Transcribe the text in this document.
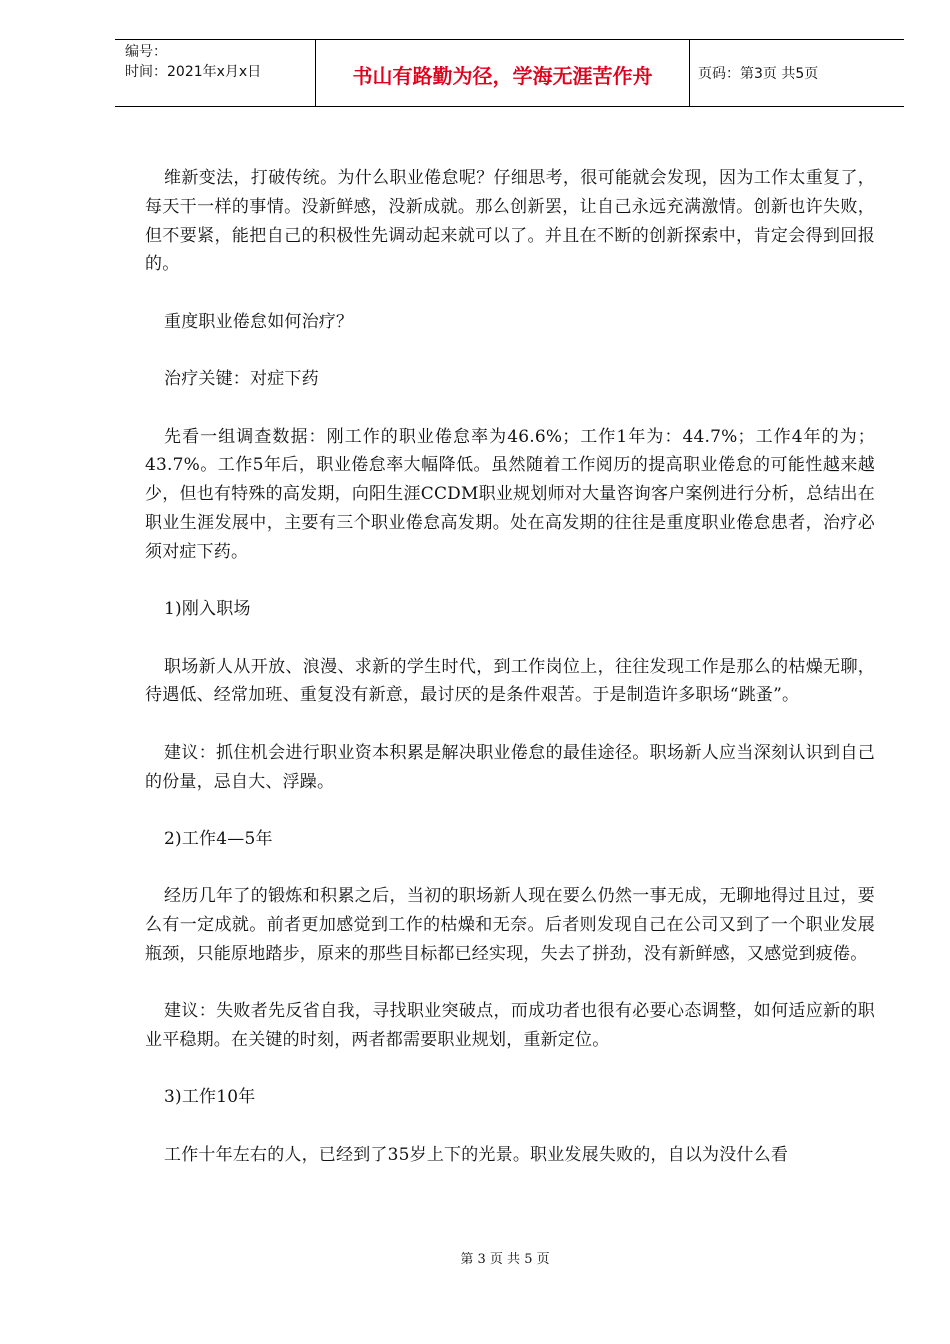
编号：
时间：2021年x月x日	书山有路勤为径，学海无涯苦作舟	页码：第3页 共5页

维新变法，打破传统。为什么职业倦怠呢？仔细思考，很可能就会发现，因为工作太重复了，每天干一样的事情。没新鲜感，没新成就。那么创新罢，让自己永远充满激情。创新也许失败，但不要紧，能把自己的积极性先调动起来就可以了。并且在不断的创新探索中，肯定会得到回报的。

重度职业倦怠如何治疗？

治疗关键：对症下药

先看一组调查数据：刚工作的职业倦怠率为46.6%；工作1年为：44.7%；工作4年的为；43.7%。工作5年后，职业倦怠率大幅降低。虽然随着工作阅历的提高职业倦怠的可能性越来越少，但也有特殊的高发期，向阳生涯CCDM职业规划师对大量咨询客户案例进行分析，总结出在职业生涯发展中，主要有三个职业倦怠高发期。处在高发期的往往是重度职业倦怠患者，治疗必须对症下药。

1)刚入职场

职场新人从开放、浪漫、求新的学生时代，到工作岗位上，往往发现工作是那么的枯燥无聊，待遇低、经常加班、重复没有新意，最讨厌的是条件艰苦。于是制造许多职场“跳蚤”。

建议：抓住机会进行职业资本积累是解决职业倦怠的最佳途径。职场新人应当深刻认识到自己的份量，忌自大、浮躁。

2)工作4—5年

经历几年了的锻炼和积累之后，当初的职场新人现在要么仍然一事无成，无聊地得过且过，要么有一定成就。前者更加感觉到工作的枯燥和无奈。后者则发现自己在公司又到了一个职业发展瓶颈，只能原地踏步，原来的那些目标都已经实现，失去了拼劲，没有新鲜感，又感觉到疲倦。

建议：失败者先反省自我，寻找职业突破点，而成功者也很有必要心态调整，如何适应新的职业平稳期。在关键的时刻，两者都需要职业规划，重新定位。

3)工作10年

工作十年左右的人，已经到了35岁上下的光景。职业发展失败的，自以为没什么看

第 3 页 共 5 页
